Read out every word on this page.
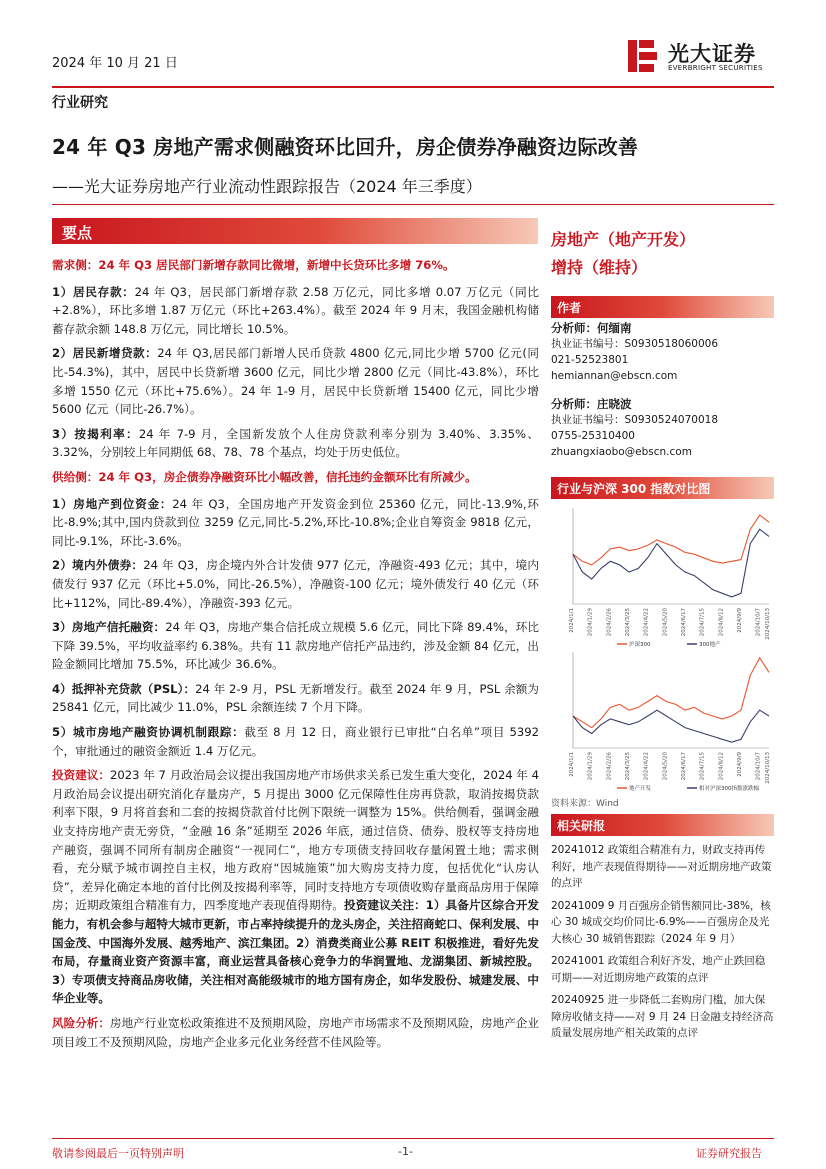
2024 年 10 月 21 日	光大证券
EVERBRIGHT SECURITIES
行业研究
24 年 Q3 房地产需求侧融资环比回升，房企债券净融资边际改善
——光大证券房地产行业流动性跟踪报告（2024 年三季度）
要点

需求侧：24 年 Q3 居民部门新增存款同比微增，新增中长贷环比多增 76%。

1）居民存款：24 年 Q3，居民部门新增存款 2.58 万亿元，同比多增 0.07 万亿元（同比+2.8%），环比多增 1.87 万亿元（环比+263.4%）。截至 2024 年 9 月末，我国金融机构储蓄存款余额 148.8 万亿元，同比增长 10.5%。

2）居民新增贷款：24 年 Q3,居民部门新增人民币贷款 4800 亿元,同比少增 5700 亿元(同比-54.3%)，其中，居民中长贷新增 3600 亿元，同比少增 2800 亿元（同比-43.8%），环比多增 1550 亿元（环比+75.6%）。24 年 1-9 月，居民中长贷新增 15400 亿元，同比少增 5600 亿元（同比-26.7%）。

3）按揭利率：24 年 7-9 月，全国新发放个人住房贷款利率分别为 3.40%、3.35%、3.32%，分别较上年同期低 68、78、78 个基点，均处于历史低位。

供给侧：24 年 Q3，房企债券净融资环比小幅改善，信托违约金额环比有所减少。

1）房地产到位资金：24 年 Q3，全国房地产开发资金到位 25360 亿元，同比-13.9%,环比-8.9%;其中,国内贷款到位 3259 亿元,同比-5.2%,环比-10.8%;企业自筹资金 9818 亿元，同比-9.1%，环比-3.6%。

2）境内外债券：24 年 Q3，房企境内外合计发债 977 亿元，净融资-493 亿元；其中，境内债发行 937 亿元（环比+5.0%，同比-26.5%），净融资-100 亿元；境外债发行 40 亿元（环比+112%，同比-89.4%），净融资-393 亿元。

3）房地产信托融资：24 年 Q3，房地产集合信托成立规模 5.6 亿元，同比下降 89.4%，环比下降 39.5%，平均收益率约 6.38%。共有 11 款房地产信托产品违约，涉及金额 84 亿元，出险金额同比增加 75.5%，环比减少 36.6%。

4）抵押补充贷款（PSL）：24 年 2-9 月，PSL 无新增发行。截至 2024 年 9 月，PSL 余额为 25841 亿元，同比减少 11.0%，PSL 余额连续 7 个月下降。

5）城市房地产融资协调机制跟踪：截至 8 月 12 日，商业银行已审批“白名单”项目 5392 个，审批通过的融资金额近 1.4 万亿元。

投资建议：2023 年 7 月政治局会议提出我国房地产市场供求关系已发生重大变化，2024 年 4 月政治局会议提出研究消化存量房产，5 月提出 3000 亿元保障性住房再贷款，取消按揭贷款利率下限，9 月将首套和二套的按揭贷款首付比例下限统一调整为 15%。供给侧看，强调金融业支持房地产责无旁贷，“金融 16 条”延期至 2026 年底，通过信贷、债券、股权等支持房地产融资，强调不同所有制房企融资“一视同仁”，地方专项债支持回收存量闲置土地；需求侧看，充分赋予城市调控自主权，地方政府“因城施策”加大购房支持力度，包括优化“认房认贷”，差异化确定本地的首付比例及按揭利率等，同时支持地方专项债收购存量商品房用于保障房；近期政策组合精准有力，四季度地产表现值得期待。投资建议关注：1）具备片区综合开发能力，有机会参与超特大城市更新，市占率持续提升的龙头房企，关注招商蛇口、保利发展、中国金茂、中国海外发展、越秀地产、滨江集团。2）消费类商业公募 REIT 积极推进，看好先发布局，存量商业资产资源丰富，商业运营具备核心竞争力的华润置地、龙湖集团、新城控股。3）专项债支持商品房收储，关注相对高能级城市的地方国有房企，如华发股份、城建发展、中华企业等。

风险分析：房地产行业宽松政策推进不及预期风险，房地产市场需求不及预期风险，房地产企业项目竣工不及预期风险，房地产企业多元化业务经营不佳风险等。

房地产（地产开发）
增持（维持）
作者
分析师：何缅南
执业证书编号：S0930518060006
021-52523801
hemiannan@ebscn.com
分析师：庄晓波
执业证书编号：S0930524070018
0755-25310400
zhuangxiaobo@ebscn.com
行业与沪深 300 指数对比图
2024/1/1 2024/1/29 2024/2/26 2024/3/25 2024/4/22 2024/5/20 2024/6/17 2024/7/15 2024/8/12 2024/9/9 2024/10/7 2024/10/13
沪深300	300地产
2024/1/1 2024/1/29 2024/2/26 2024/3/25 2024/4/22 2024/5/20 2024/6/17 2024/7/15 2024/8/12 2024/9/9 2024/10/7 2024/10/13
地产开发	相对沪深300指数涨跌幅
资料来源：Wind
相关研报
20241012 政策组合精准有力，财政支持再传利好，地产表现值得期待——对近期房地产政策的点评
20241009 9 月百强房企销售额同比-38%，核心 30 城成交均价同比-6.9%——百强房企及光大核心 30 城销售跟踪（2024 年 9 月）
20241001 政策组合利好齐发，地产止跌回稳可期——对近期房地产政策的点评
20240925 进一步降低二套购房门槛，加大保障房收储支持——对 9 月 24 日金融支持经济高质量发展房地产相关政策的点评
敬请参阅最后一页特别声明	-1-	证券研究报告
